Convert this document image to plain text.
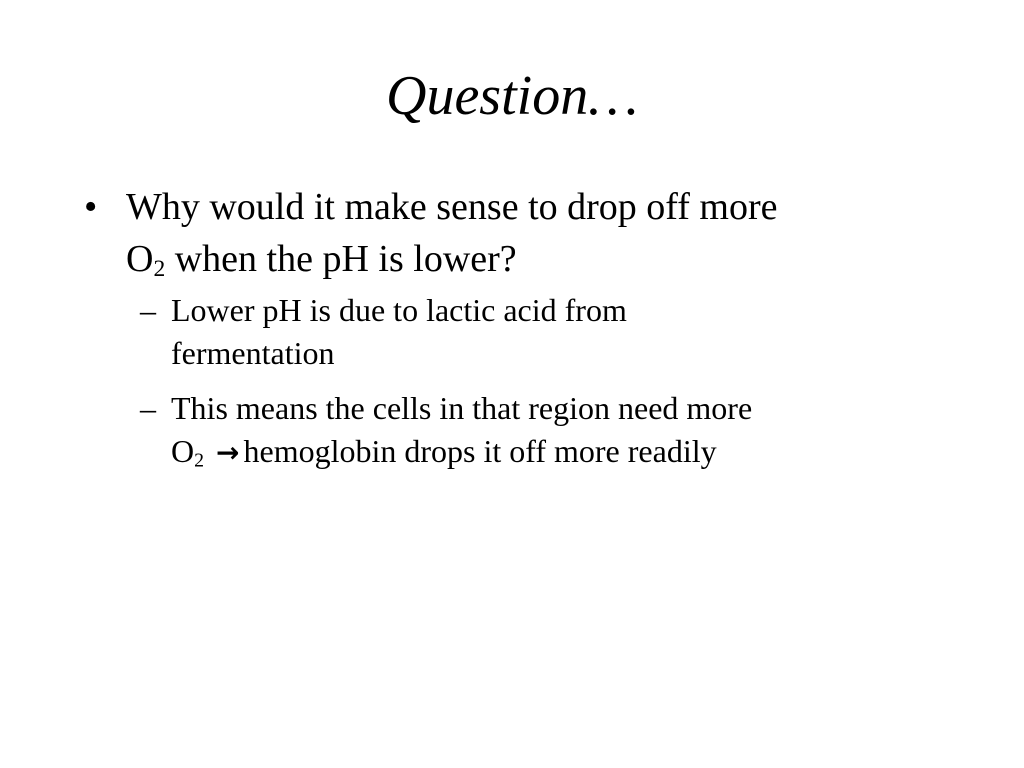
Question…
• Why would it make sense to drop off more
$O_2$ when the pH is lower?
– Lower pH is due to lactic acid from
fermentation
– This means the cells in that region need more
$O_2$ → hemoglobin drops it off more readily
